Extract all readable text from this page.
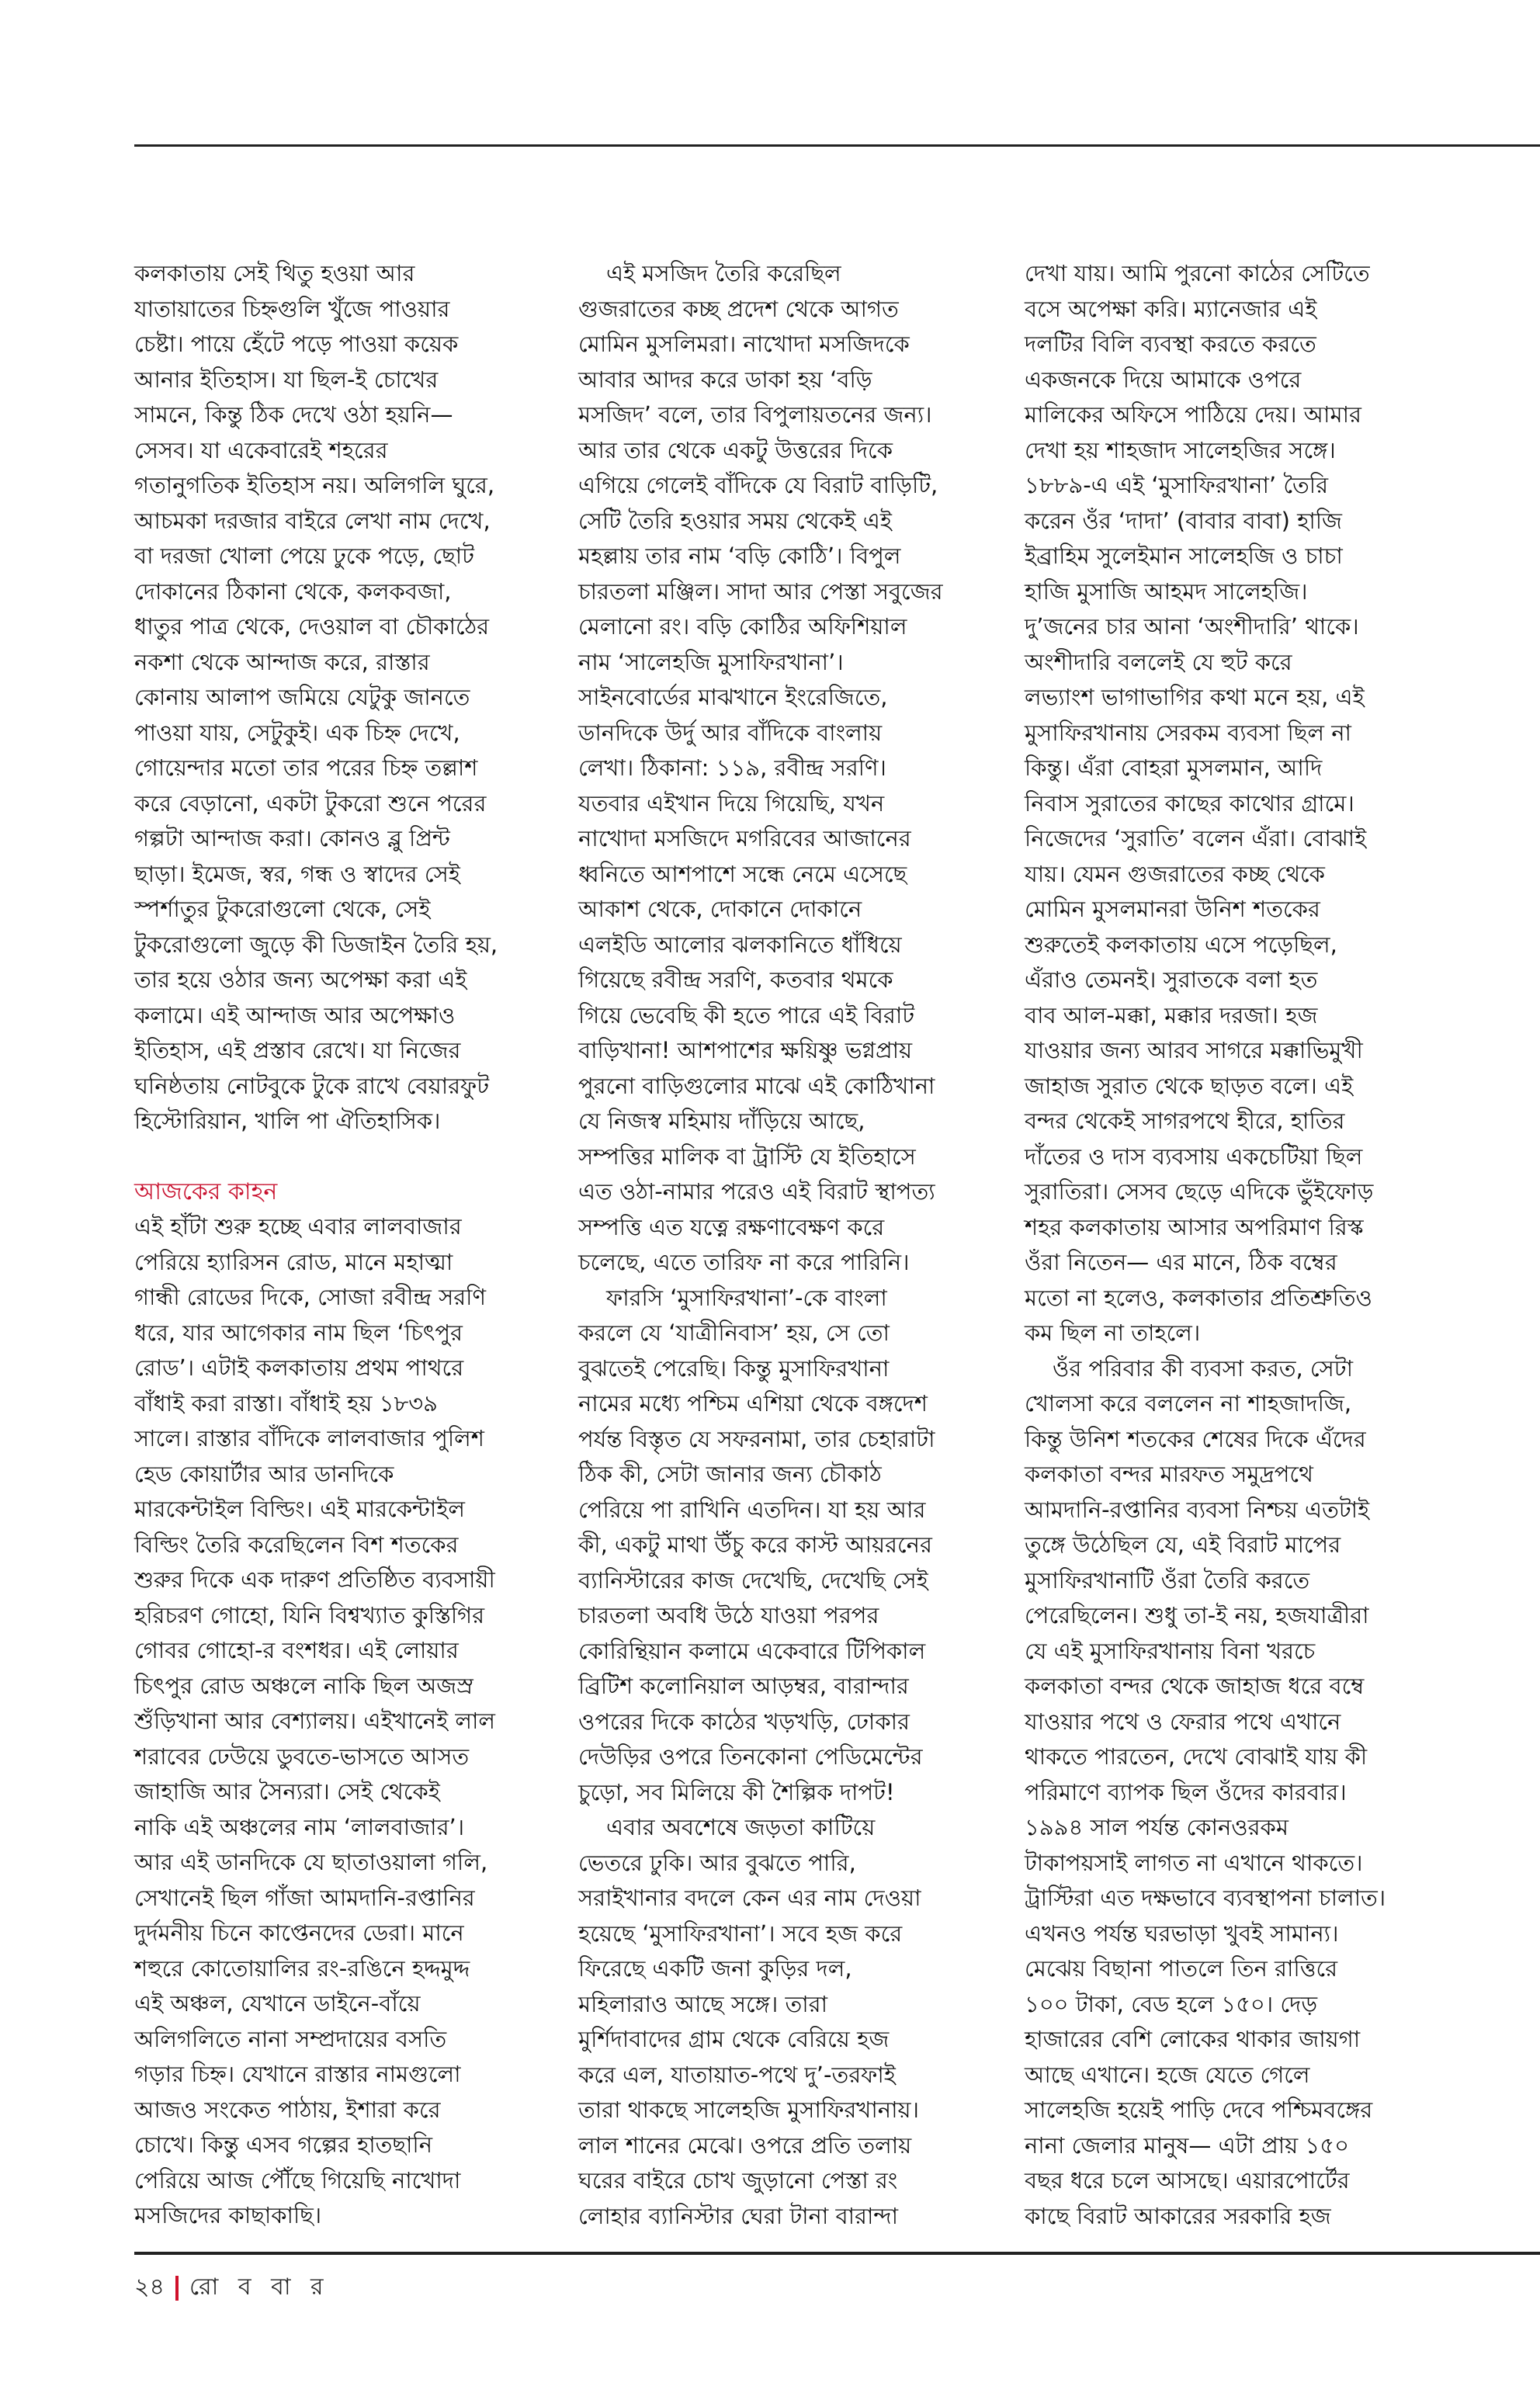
কলকাতায় সেই থিতু হওয়া আর
যাতায়াতের চিহ্নগুলি খুঁজে পাওয়ার
চেষ্টা। পায়ে হেঁটে পড়ে পাওয়া কয়েক
আনার ইতিহাস। যা ছিল-ই চোখের
সামনে, কিন্তু ঠিক দেখে ওঠা হয়নি—
সেসব। যা একেবারেই শহরের
গতানুগতিক ইতিহাস নয়। অলিগলি ঘুরে,
আচমকা দরজার বাইরে লেখা নাম দেখে,
বা দরজা খোলা পেয়ে ঢুকে পড়ে, ছোট
দোকানের ঠিকানা থেকে, কলকবজা,
ধাতুর পাত্র থেকে, দেওয়াল বা চৌকাঠের
নকশা থেকে আন্দাজ করে, রাস্তার
কোনায় আলাপ জমিয়ে যেটুকু জানতে
পাওয়া যায়, সেটুকুই। এক চিহ্ন দেখে,
গোয়েন্দার মতো তার পরের চিহ্ন তল্লাশ
করে বেড়ানো, একটা টুকরো শুনে পরের
গল্পটা আন্দাজ করা। কোনও ব্লু প্রিন্ট
ছাড়া। ইমেজ, স্বর, গন্ধ ও স্বাদের সেই
স্পর্শাতুর টুকরোগুলো থেকে, সেই
টুকরোগুলো জুড়ে কী ডিজাইন তৈরি হয়,
তার হয়ে ওঠার জন্য অপেক্ষা করা এই
কলামে। এই আন্দাজ আর অপেক্ষাও
ইতিহাস, এই প্রস্তাব রেখে। যা নিজের
ঘনিষ্ঠতায় নোটবুকে টুকে রাখে বেয়ারফুট
হিস্টোরিয়ান, খালি পা ঐতিহাসিক।
আজকের কাহন
এই হাঁটা শুরু হচ্ছে এবার লালবাজার
পেরিয়ে হ্যারিসন রোড, মানে মহাত্মা
গান্ধী রোডের দিকে, সোজা রবীন্দ্র সরণি
ধরে, যার আগেকার নাম ছিল ‘চিৎপুর
রোড’। এটাই কলকাতায় প্রথম পাথরে
বাঁধাই করা রাস্তা। বাঁধাই হয় ১৮৩৯
সালে। রাস্তার বাঁদিকে লালবাজার পুলিশ
হেড কোয়ার্টার আর ডানদিকে
মারকেন্টাইল বিল্ডিং। এই মারকেন্টাইল
বিল্ডিং তৈরি করেছিলেন বিশ শতকের
শুরুর দিকে এক দারুণ প্রতিষ্ঠিত ব্যবসায়ী
হরিচরণ গোহো, যিনি বিশ্বখ্যাত কুস্তিগির
গোবর গোহো-র বংশধর। এই লোয়ার
চিৎপুর রোড অঞ্চলে নাকি ছিল অজস্র
শুঁড়িখানা আর বেশ্যালয়। এইখানেই লাল
শরাবের ঢেউয়ে ডুবতে-ভাসতে আসত
জাহাজি আর সৈন্যরা। সেই থেকেই
নাকি এই অঞ্চলের নাম ‘লালবাজার’।
আর এই ডানদিকে যে ছাতাওয়ালা গলি,
সেখানেই ছিল গাঁজা আমদানি-রপ্তানির
দুর্দমনীয় চিনে কাপ্তেনদের ডেরা। মানে
শহুরে কোতোয়ালির রং-রঙিনে হদ্দমুদ্দ
এই অঞ্চল, যেখানে ডাইনে-বাঁয়ে
অলিগলিতে নানা সম্প্রদায়ের বসতি
গড়ার চিহ্ন। যেখানে রাস্তার নামগুলো
আজও সংকেত পাঠায়, ইশারা করে
চোখে। কিন্তু এসব গল্পের হাতছানি
পেরিয়ে আজ পৌঁছে গিয়েছি নাখোদা
মসজিদের কাছাকাছি।
এই মসজিদ তৈরি করেছিল
গুজরাতের কচ্ছ প্রদেশ থেকে আগত
মোমিন মুসলিমরা। নাখোদা মসজিদকে
আবার আদর করে ডাকা হয় ‘বড়ি
মসজিদ’ বলে, তার বিপুলায়তনের জন্য।
আর তার থেকে একটু উত্তরের দিকে
এগিয়ে গেলেই বাঁদিকে যে বিরাট বাড়িটি,
সেটি তৈরি হওয়ার সময় থেকেই এই
মহল্লায় তার নাম ‘বড়ি কোঠি’। বিপুল
চারতলা মঞ্জিল। সাদা আর পেস্তা সবুজের
মেলানো রং। বড়ি কোঠির অফিশিয়াল
নাম ‘সালেহজি মুসাফিরখানা’।
সাইনবোর্ডের মাঝখানে ইংরেজিতে,
ডানদিকে উর্দু আর বাঁদিকে বাংলায়
লেখা। ঠিকানা: ১১৯, রবীন্দ্র সরণি।
যতবার এইখান দিয়ে গিয়েছি, যখন
নাখোদা মসজিদে মগরিবের আজানের
ধ্বনিতে আশপাশে সন্ধে নেমে এসেছে
আকাশ থেকে, দোকানে দোকানে
এলইডি আলোর ঝলকানিতে ধাঁধিয়ে
গিয়েছে রবীন্দ্র সরণি, কতবার থমকে
গিয়ে ভেবেছি কী হতে পারে এই বিরাট
বাড়িখানা! আশপাশের ক্ষয়িষ্ণু ভগ্নপ্রায়
পুরনো বাড়িগুলোর মাঝে এই কোঠিখানা
যে নিজস্ব মহিমায় দাঁড়িয়ে আছে,
সম্পত্তির মালিক বা ট্রাস্টি যে ইতিহাসে
এত ওঠা-নামার পরেও এই বিরাট স্থাপত্য
সম্পত্তি এত যত্নে রক্ষণাবেক্ষণ করে
চলেছে, এতে তারিফ না করে পারিনি।
ফারসি ‘মুসাফিরখানা’-কে বাংলা
করলে যে ‘যাত্রীনিবাস’ হয়, সে তো
বুঝতেই পেরেছি। কিন্তু মুসাফিরখানা
নামের মধ্যে পশ্চিম এশিয়া থেকে বঙ্গদেশ
পর্যন্ত বিস্তৃত যে সফরনামা, তার চেহারাটা
ঠিক কী, সেটা জানার জন্য চৌকাঠ
পেরিয়ে পা রাখিনি এতদিন। যা হয় আর
কী, একটু মাথা উঁচু করে কাস্ট আয়রনের
ব্যানিস্টারের কাজ দেখেছি, দেখেছি সেই
চারতলা অবধি উঠে যাওয়া পরপর
কোরিন্থিয়ান কলামে একেবারে টিপিকাল
ব্রিটিশ কলোনিয়াল আড়ম্বর, বারান্দার
ওপরের দিকে কাঠের খড়খড়ি, ঢোকার
দেউড়ির ওপরে তিনকোনা পেডিমেন্টের
চুড়ো, সব মিলিয়ে কী শৈল্পিক দাপট!
এবার অবশেষে জড়তা কাটিয়ে
ভেতরে ঢুকি। আর বুঝতে পারি,
সরাইখানার বদলে কেন এর নাম দেওয়া
হয়েছে ‘মুসাফিরখানা’। সবে হজ করে
ফিরেছে একটি জনা কুড়ির দল,
মহিলারাও আছে সঙ্গে। তারা
মুর্শিদাবাদের গ্রাম থেকে বেরিয়ে হজ
করে এল, যাতায়াত-পথে দু’-তরফাই
তারা থাকছে সালেহজি মুসাফিরখানায়।
লাল শানের মেঝে। ওপরে প্রতি তলায়
ঘরের বাইরে চোখ জুড়ানো পেস্তা রং
লোহার ব্যানিস্টার ঘেরা টানা বারান্দা
দেখা যায়। আমি পুরনো কাঠের সেটিতে
বসে অপেক্ষা করি। ম্যানেজার এই
দলটির বিলি ব্যবস্থা করতে করতে
একজনকে দিয়ে আমাকে ওপরে
মালিকের অফিসে পাঠিয়ে দেয়। আমার
দেখা হয় শাহজাদ সালেহজির সঙ্গে।
১৮৮৯-এ এই ‘মুসাফিরখানা’ তৈরি
করেন ওঁর ‘দাদা’ (বাবার বাবা) হাজি
ইব্রাহিম সুলেইমান সালেহজি ও চাচা
হাজি মুসাজি আহমদ সালেহজি।
দু’জনের চার আনা ‘অংশীদারি’ থাকে।
অংশীদারি বললেই যে হুট করে
লভ্যাংশ ভাগাভাগির কথা মনে হয়, এই
মুসাফিরখানায় সেরকম ব্যবসা ছিল না
কিন্তু। এঁরা বোহরা মুসলমান, আদি
নিবাস সুরাতের কাছের কাথোর গ্রামে।
নিজেদের ‘সুরাতি’ বলেন এঁরা। বোঝাই
যায়। যেমন গুজরাতের কচ্ছ থেকে
মোমিন মুসলমানরা উনিশ শতকের
শুরুতেই কলকাতায় এসে পড়েছিল,
এঁরাও তেমনই। সুরাতকে বলা হত
বাব আল-মক্কা, মক্কার দরজা। হজ
যাওয়ার জন্য আরব সাগরে মক্কাভিমুখী
জাহাজ সুরাত থেকে ছাড়ত বলে। এই
বন্দর থেকেই সাগরপথে হীরে, হাতির
দাঁতের ও দাস ব্যবসায় একচেটিয়া ছিল
সুরাতিরা। সেসব ছেড়ে এদিকে ভুঁইফোড়
শহর কলকাতায় আসার অপরিমাণ রিস্ক
ওঁরা নিতেন— এর মানে, ঠিক বম্বের
মতো না হলেও, কলকাতার প্রতিশ্রুতিও
কম ছিল না তাহলে।
ওঁর পরিবার কী ব্যবসা করত, সেটা
খোলসা করে বললেন না শাহজাদজি,
কিন্তু উনিশ শতকের শেষের দিকে এঁদের
কলকাতা বন্দর মারফত সমুদ্রপথে
আমদানি-রপ্তানির ব্যবসা নিশ্চয় এতটাই
তুঙ্গে উঠেছিল যে, এই বিরাট মাপের
মুসাফিরখানাটি ওঁরা তৈরি করতে
পেরেছিলেন। শুধু তা-ই নয়, হজযাত্রীরা
যে এই মুসাফিরখানায় বিনা খরচে
কলকাতা বন্দর থেকে জাহাজ ধরে বম্বে
যাওয়ার পথে ও ফেরার পথে এখানে
থাকতে পারতেন, দেখে বোঝাই যায় কী
পরিমাণে ব্যাপক ছিল ওঁদের কারবার।
১৯৯৪ সাল পর্যন্ত কোনওরকম
টাকাপয়সাই লাগত না এখানে থাকতে।
ট্রাস্টিরা এত দক্ষভাবে ব্যবস্থাপনা চালাত।
এখনও পর্যন্ত ঘরভাড়া খুবই সামান্য।
মেঝেয় বিছানা পাতলে তিন রাত্তিরে
১০০ টাকা, বেড হলে ১৫০। দেড়
হাজারের বেশি লোকের থাকার জায়গা
আছে এখানে। হজে যেতে গেলে
সালেহজি হয়েই পাড়ি দেবে পশ্চিমবঙ্গের
নানা জেলার মানুষ— এটা প্রায় ১৫০
বছর ধরে চলে আসছে। এয়ারপোর্টের
কাছে বিরাট আকারের সরকারি হজ
২৪ রো ব বা র
